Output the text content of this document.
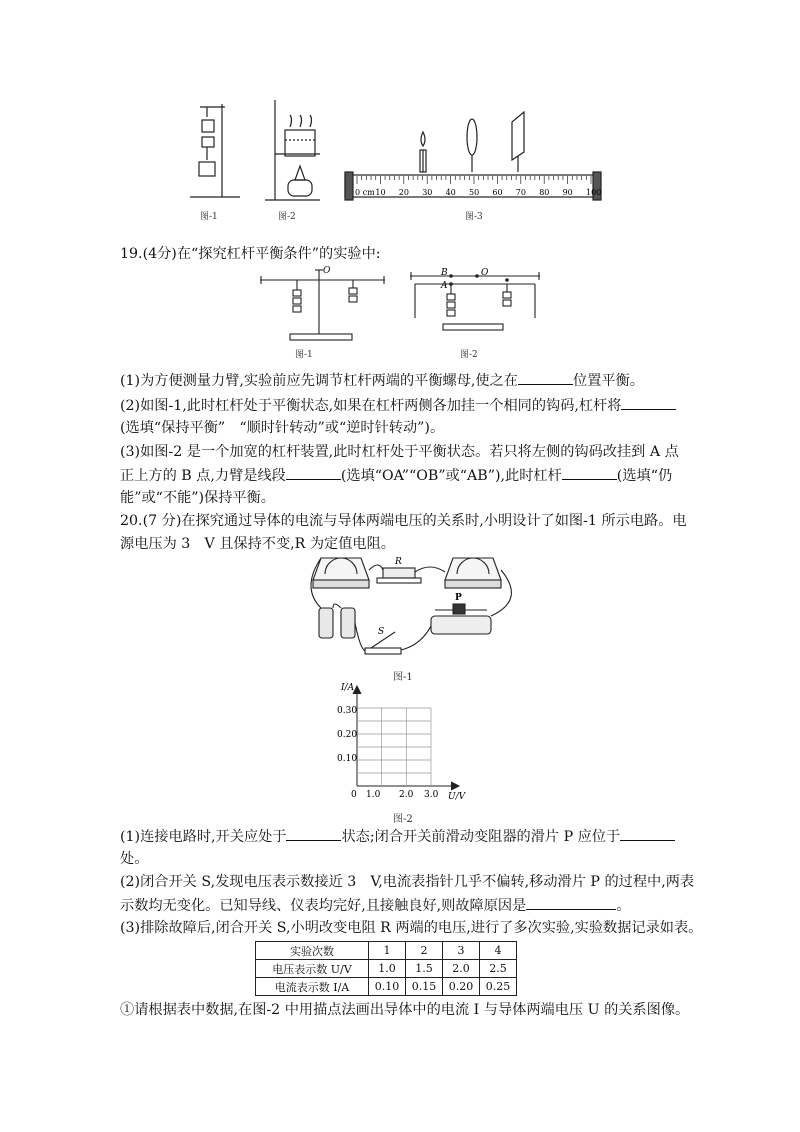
图-1	图-2	图-3
0 cm 10 20 30 40 50 60 70 80 90 100
19.(4分)在“探究杠杆平衡条件”的实验中:
O
图-1
B
A
O
图-2
(1)为方便测量力臂,实验前应先调节杠杆两端的平衡螺母,使之在	位置平衡。
(2)如图-1,此时杠杆处于平衡状态,如果在杠杆两侧各加挂一个相同的钩码,杠杆将
(选填“保持平衡”　“顺时针转动”或“逆时针转动”)。
(3)如图-2 是一个加宽的杠杆装置,此时杠杆处于平衡状态。若只将左侧的钩码改挂到 A 点
正上方的 B 点,力臂是线段	(选填“OA”“OB”或“AB”),此时杠杆	(选填“仍
能”或“不能”)保持平衡。
20.(7 分)在探究通过导体的电流与导体两端电压的关系时,小明设计了如图-1 所示电路。电
源电压为 3　V 且保持不变,R 为定值电阻。
R
S
P
图-1
I/A
U/V
0
0.30
0.20
0.10
1.0 2.0 3.0
图-2
(1)连接电路时,开关应处于	状态;闭合开关前滑动变阻器的滑片 P 应位于
处。
(2)闭合开关 S,发现电压表示数接近 3　V,电流表指针几乎不偏转,移动滑片 P 的过程中,两表
示数均无变化。已知导线、仪表均完好,且接触良好,则故障原因是	。
(3)排除故障后,闭合开关 S,小明改变电阻 R 两端的电压,进行了多次实验,实验数据记录如表。
实验次数	1	2	3	4
电压表示数 U/V	1.0	1.5	2.0	2.5
电流表示数 I/A	0.10	0.15	0.20	0.25
①请根据表中数据,在图-2 中用描点法画出导体中的电流 I 与导体两端电压 U 的关系图像。
